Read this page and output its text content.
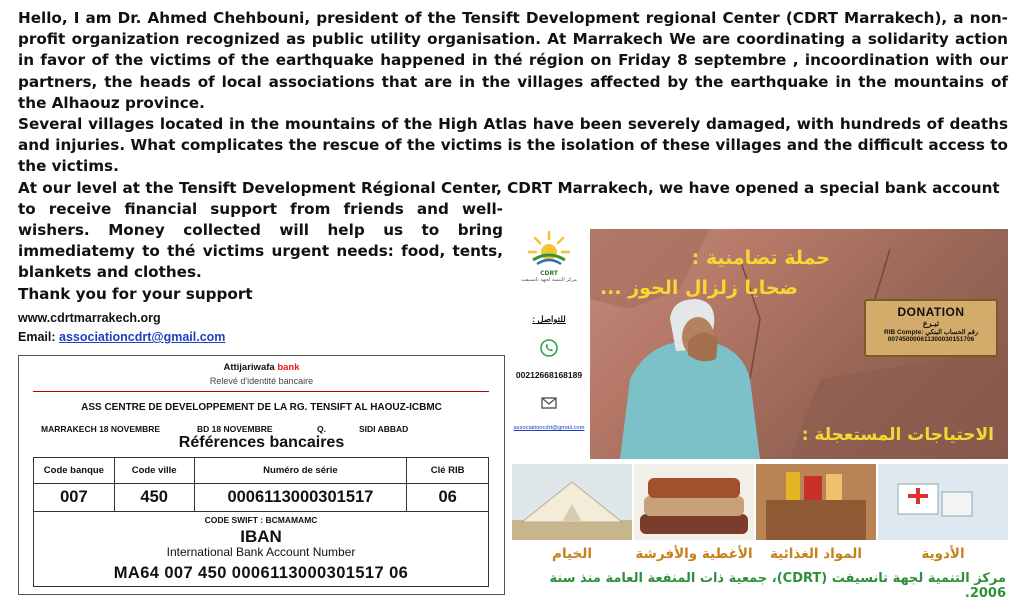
Hello, I am Dr. Ahmed Chehbouni, president of the Tensift Development regional Center (CDRT Marrakech), a non-profit organization recognized as public utility organisation. At Marrakech We are coordinating a solidarity action in favor of the victims of the earthquake happened in thé région on Friday 8 septembre , incoordination with our partners, the heads of local associations that are in the villages affected by the earthquake in the mountains of the Alhaouz province.

Several villages located in the mountains of the High Atlas have been severely damaged, with hundreds of deaths and injuries. What complicates the rescue of the victims is the isolation of these villages and the difficult access to the victims.

At our level at the Tensift Development Régional Center, CDRT Marrakech, we have opened a special bank account

to receive financial support from friends and well-wishers. Money collected will help us to bring immediatemy to thé victims urgent needs: food, tents, blankets and clothes.

Thank you for your support

www.cdrtmarrakech.org
Email: associationcdrt@gmail.com
Attijariwafa bank
Relevé d'identité bancaire
ASS CENTRE DE DEVELOPPEMENT DE LA RG. TENSIFT AL HAOUZ-ICBMC
MARRAKECH 18 NOVEMBRE	BD 18 NOVEMBRE	Q.	SIDI ABBAD
Références bancaires
Code banque	Code ville	Numéro de série	Clé RIB
007	450	0006113000301517	06
CODE SWIFT : BCMAMAMC
IBAN
International Bank Account Number
MA64 007 450 0006113000301517 06
CDRT
مركز التنمية لجهة تانسيفت
للتواصل :
00212668168189
associationcdrt@gmail.com
حملة تضامنية :
ضحايا زلزال الحوز ...
DONATION
تبـرع
RIB Compte: رقم الحساب البنكي
007450000611300030151706
الاحتياجات المستعجلة :
الخيام	الأغطية والأفرشة	المواد الغذائية	الأدوية
مركز التنمية لجهة تانسيفت (CDRT)، جمعية ذات المنفعة العامة منذ سنة 2006.
